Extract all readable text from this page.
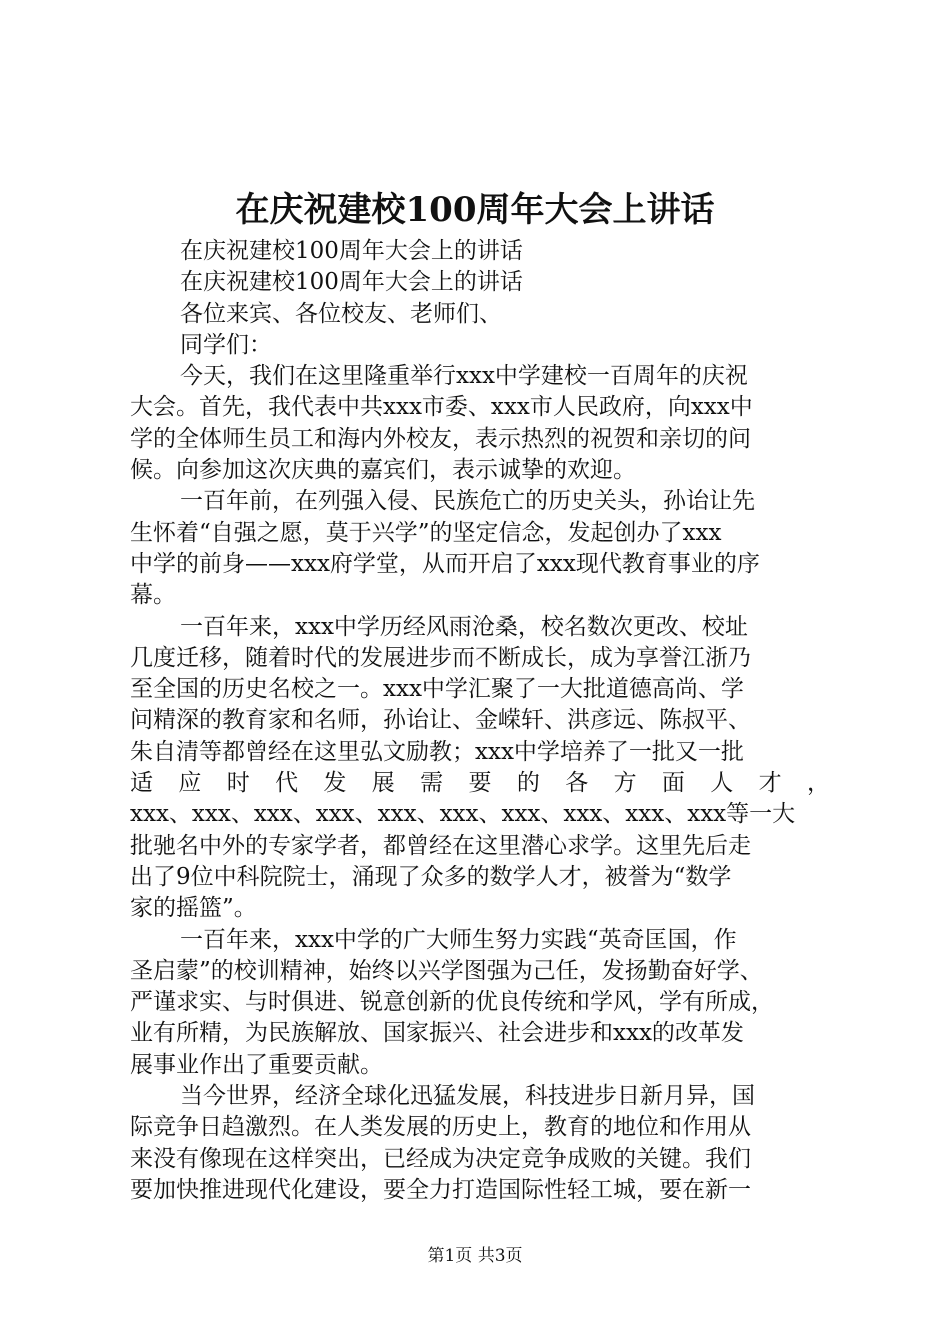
在庆祝建校100周年大会上讲话
在庆祝建校100周年大会上的讲话
在庆祝建校100周年大会上的讲话
各位来宾、各位校友、老师们、
同学们：
今天，我们在这里隆重举行xxx中学建校一百周年的庆祝
大会。首先，我代表中共xxx市委、xxx市人民政府，向xxx中
学的全体师生员工和海内外校友，表示热烈的祝贺和亲切的问
候。向参加这次庆典的嘉宾们，表示诚挚的欢迎。
一百年前，在列强入侵、民族危亡的历史关头，孙诒让先
生怀着“自强之愿，莫于兴学”的坚定信念，发起创办了xxx
中学的前身——xxx府学堂，从而开启了xxx现代教育事业的序
幕。
一百年来，xxx中学历经风雨沧桑，校名数次更改、校址
几度迁移，随着时代的发展进步而不断成长，成为享誉江浙乃
至全国的历史名校之一。xxx中学汇聚了一大批道德高尚、学
问精深的教育家和名师，孙诒让、金嵘轩、洪彦远、陈叔平、
朱自清等都曾经在这里弘文励教；xxx中学培养了一批又一批
适应时代发展需要的各方面人才，
xxx、xxx、xxx、xxx、xxx、xxx、xxx、xxx、xxx、xxx等一大
批驰名中外的专家学者，都曾经在这里潜心求学。这里先后走
出了9位中科院院士，涌现了众多的数学人才，被誉为“数学
家的摇篮”。
一百年来，xxx中学的广大师生努力实践“英奇匡国，作
圣启蒙”的校训精神，始终以兴学图强为己任，发扬勤奋好学、
严谨求实、与时俱进、锐意创新的优良传统和学风，学有所成，
业有所精，为民族解放、国家振兴、社会进步和xxx的改革发
展事业作出了重要贡献。
当今世界，经济全球化迅猛发展，科技进步日新月异，国
际竞争日趋激烈。在人类发展的历史上，教育的地位和作用从
来没有像现在这样突出，已经成为决定竞争成败的关键。我们
要加快推进现代化建设，要全力打造国际性轻工城，要在新一
第1页 共3页
